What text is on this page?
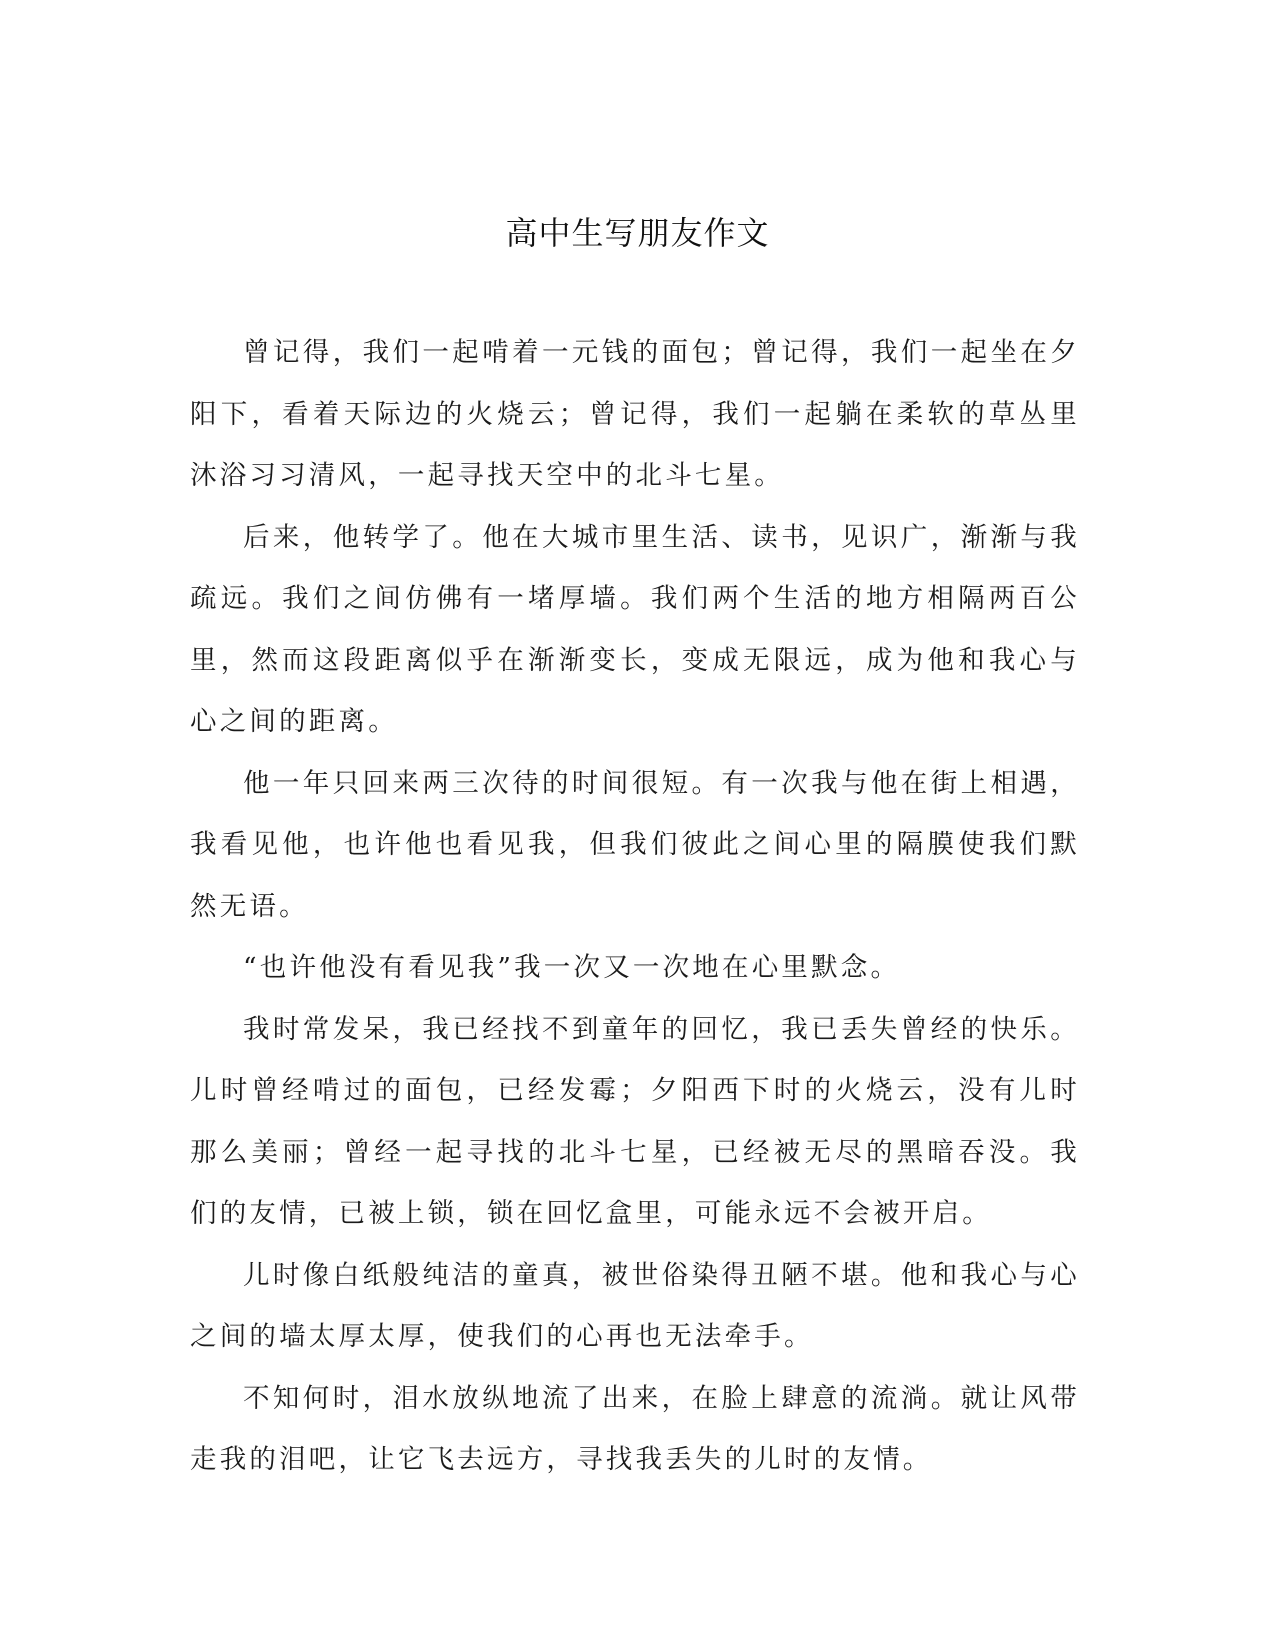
高中生写朋友作文

曾记得，我们一起啃着一元钱的面包；曾记得，我们一起坐在夕阳下，看着天际边的火烧云；曾记得，我们一起躺在柔软的草丛里沐浴习习清风，一起寻找天空中的北斗七星。

后来，他转学了。他在大城市里生活、读书，见识广，渐渐与我疏远。我们之间仿佛有一堵厚墙。我们两个生活的地方相隔两百公里，然而这段距离似乎在渐渐变长，变成无限远，成为他和我心与心之间的距离。

他一年只回来两三次待的时间很短。有一次我与他在街上相遇，我看见他，也许他也看见我，但我们彼此之间心里的隔膜使我们默然无语。

“也许他没有看见我”我一次又一次地在心里默念。

我时常发呆，我已经找不到童年的回忆，我已丢失曾经的快乐。儿时曾经啃过的面包，已经发霉；夕阳西下时的火烧云，没有儿时那么美丽；曾经一起寻找的北斗七星，已经被无尽的黑暗吞没。我们的友情，已被上锁，锁在回忆盒里，可能永远不会被开启。

儿时像白纸般纯洁的童真，被世俗染得丑陋不堪。他和我心与心之间的墙太厚太厚，使我们的心再也无法牵手。

不知何时，泪水放纵地流了出来，在脸上肆意的流淌。就让风带走我的泪吧，让它飞去远方，寻找我丢失的儿时的友情。
